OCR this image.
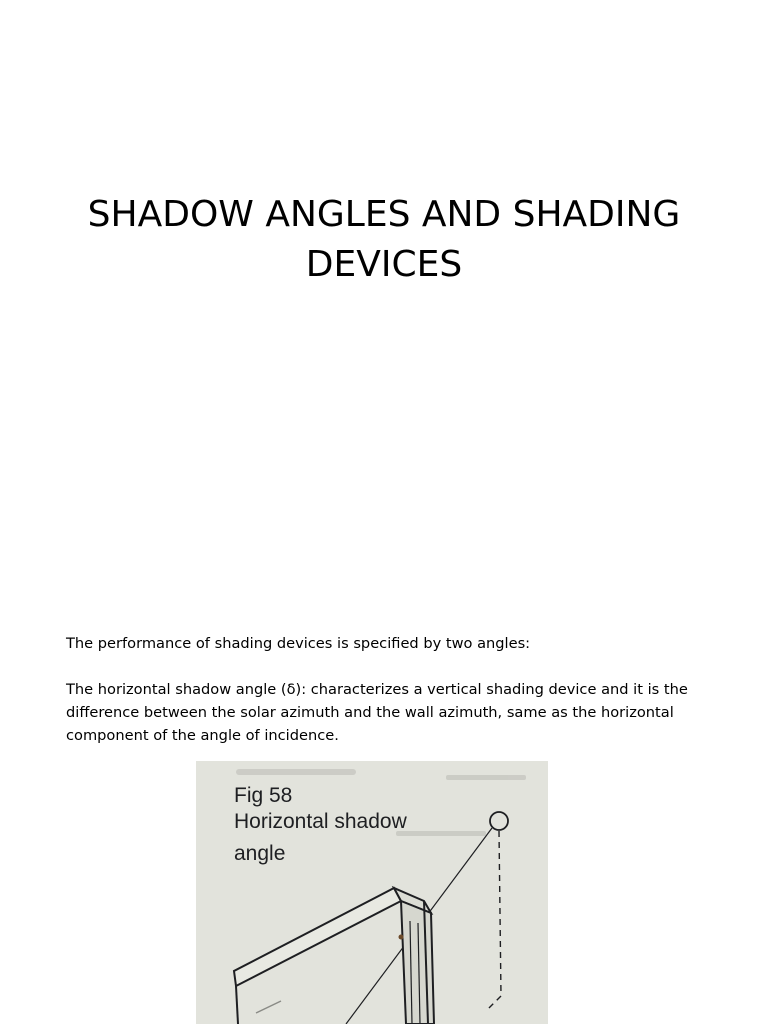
SHADOW ANGLES AND SHADING
DEVICES
The performance of shading devices is specified by two angles:
The horizontal shadow angle (δ): characterizes a vertical shading device and it is the difference between the solar azimuth and the wall azimuth, same as the horizontal component of the angle of incidence.
Fig 58
Horizontal shadow
angle
